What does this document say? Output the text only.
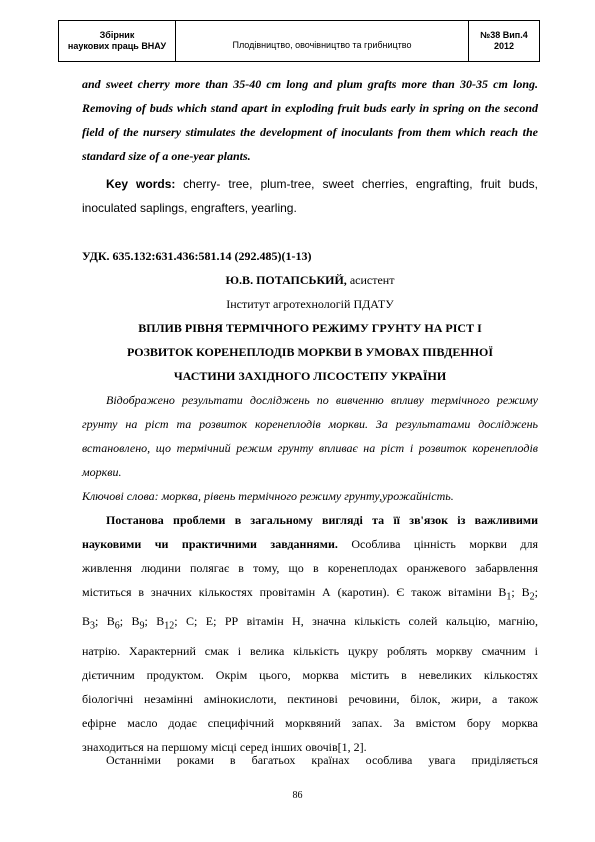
Збірник
наукових праць ВНАУ	Плодівництво, овочівництво та грибництво
№38 Вип.4
2012
and sweet cherry more than 35-40 cm long and plum grafts more than 30-35 cm long. Removing of buds which stand apart in exploding fruit buds early in spring on the second field of the nursery stimulates the development of inoculants from them which reach the standard size of a one-year plants.
Key words: cherry- tree, plum-tree, sweet cherries, engrafting, fruit buds, inoculated saplings, engrafters, yearling.
УДК. 635.132:631.436:581.14 (292.485)(1-13)
Ю.В. ПОТАПСЬКИЙ, асистент
Інститут агротехнологій ПДАТУ
ВПЛИВ РІВНЯ ТЕРМІЧНОГО РЕЖИМУ ГРУНТУ НА РІСТ І
РОЗВИТОК КОРЕНЕПЛОДІВ МОРКВИ В УМОВАХ ПІВДЕННОЇ
ЧАСТИНИ ЗАХІДНОГО ЛІСОСТЕПУ УКРАЇНИ
Відображено результати досліджень по вивченню впливу термічного режиму грунту на ріст та розвиток коренеплодів моркви. За результатами досліджень встановлено, що термічний режим грунту впливає на ріст і розвиток коренеплодів моркви.
Ключові слова: морква, рівень термічного режиму грунту,урожайність.
Постанова проблеми в загальному вигляді та її зв'язок із важливими
науковими чи практичними завданнями. Особлива цінність моркви для
живлення людини полягає в тому, що в коренеплодах оранжевого забарвлення
міститься в значних кількостях провітамін А (каротин). Є також вітаміни $В_1$; $В_2$;
$В_3$; $В_6$; $В_9$; $В_{12}$; С; Е; РР вітамін Н, значна кількість солей кальцію, магнію,
натрію. Характерний смак і велика кількість цукру роблять моркву смачним і
дієтичним продуктом. Окрім цього, морква містить в невеликих кількостях
біологічні незамінні амінокислоти, пектинові речовини, білок, жири, а також
ефірне масло додає специфічний морквяний запах. За вмістом бору морква
знаходиться на першому місці серед інших овочів[1, 2].
Останніми роками в багатьох країнах особлива увага приділяється
86
